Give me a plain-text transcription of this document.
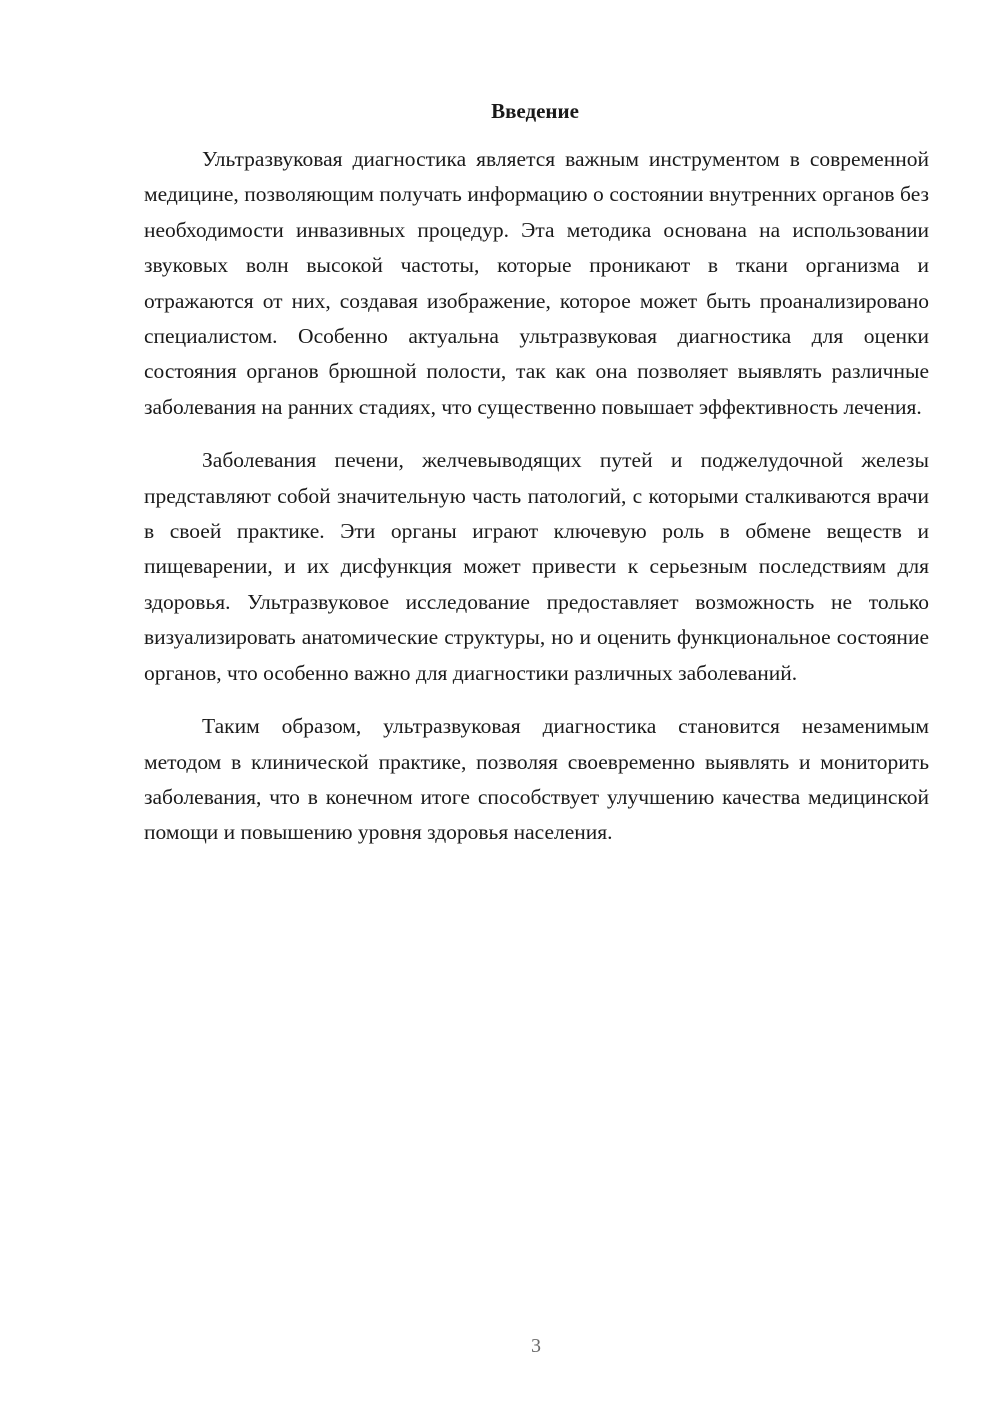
Введение

Ультразвуковая диагностика является важным инструментом в современной медицине, позволяющим получать информацию о состоянии внутренних органов без необходимости инвазивных процедур. Эта методика основана на использовании звуковых волн высокой частоты, которые проникают в ткани организма и отражаются от них, создавая изображение, которое может быть проанализировано специалистом. Особенно актуальна ультразвуковая диагностика для оценки состояния органов брюшной полости, так как она позволяет выявлять различные заболевания на ранних стадиях, что существенно повышает эффективность лечения.

Заболевания печени, желчевыводящих путей и поджелудочной железы представляют собой значительную часть патологий, с которыми сталкиваются врачи в своей практике. Эти органы играют ключевую роль в обмене веществ и пищеварении, и их дисфункция может привести к серьезным последствиям для здоровья. Ультразвуковое исследование предоставляет возможность не только визуализировать анатомические структуры, но и оценить функциональное состояние органов, что особенно важно для диагностики различных заболеваний.

Таким образом, ультразвуковая диагностика становится незаменимым методом в клинической практике, позволяя своевременно выявлять и мониторить заболевания, что в конечном итоге способствует улучшению качества медицинской помощи и повышению уровня здоровья населения.

3
